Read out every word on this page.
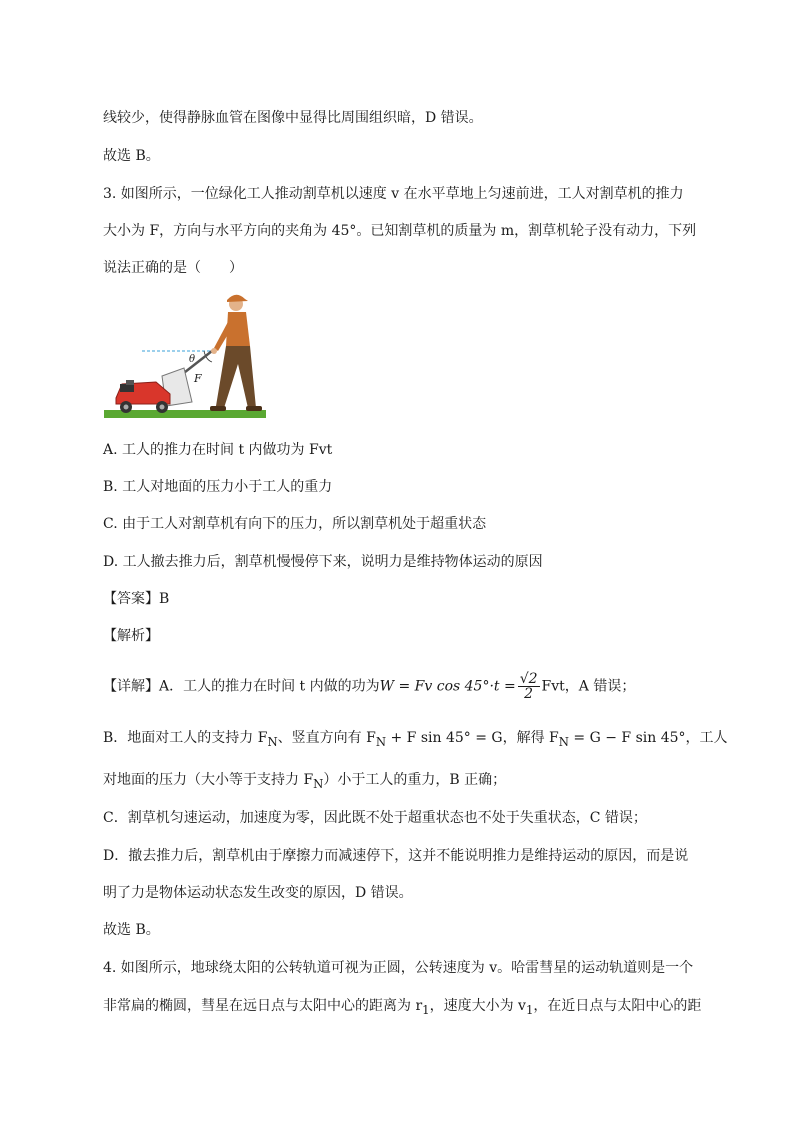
线较少，使得静脉血管在图像中显得比周围组织暗，D 错误。
故选 B。
3. 如图所示，一位绿化工人推动割草机以速度 v 在水平草地上匀速前进，工人对割草机的推力
大小为 F，方向与水平方向的夹角为 45°。已知割草机的质量为 m，割草机轮子没有动力，下列
说法正确的是（　　）
θ
F
A. 工人的推力在时间 t 内做功为 Fvt
B. 工人对地面的压力小于工人的重力
C. 由于工人对割草机有向下的压力，所以割草机处于超重状态
D. 工人撤去推力后，割草机慢慢停下来，说明力是维持物体运动的原因
【答案】B
【解析】
【详解】A．工人的推力在时间 t 内做的功为W = Fv $\cos 45^\circ\cdot t = \frac{√2}{2}$ Fvt，A 错误；
B．地面对工人的支持力 $F_N$、竖直方向有 $F_N + F$ sin 45° = G，解得 $F_N = G - F$ sin 45°，工人
对地面的压力（大小等于支持力 $F_N$）小于工人的重力，B 正确；
C．割草机匀速运动，加速度为零，因此既不处于超重状态也不处于失重状态，C 错误；
D．撤去推力后，割草机由于摩擦力而减速停下，这并不能说明推力是维持运动的原因，而是说
明了力是物体运动状态发生改变的原因，D 错误。
故选 B。
4. 如图所示，地球绕太阳的公转轨道可视为正圆，公转速度为 v。哈雷彗星的运动轨道则是一个
非常扁的椭圆，彗星在远日点与太阳中心的距离为 $r_1$，速度大小为 $v_1$，在近日点与太阳中心的距
